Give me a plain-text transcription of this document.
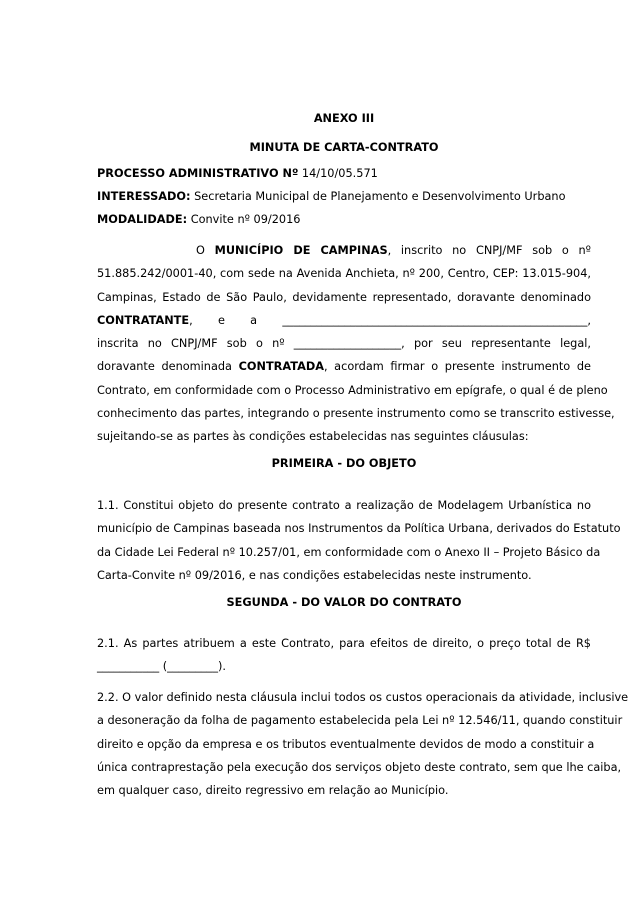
ANEXO III
MINUTA DE CARTA-CONTRATO
PROCESSO ADMINISTRATIVO Nº 14/10/05.571
INTERESSADO: Secretaria Municipal de Planejamento e Desenvolvimento Urbano
MODALIDADE: Convite nº 09/2016
O MUNICÍPIO DE CAMPINAS, inscrito no CNPJ/MF sob o nº
51.885.242/0001-40, com sede na Avenida Anchieta, nº 200, Centro, CEP: 13.015-904,
Campinas, Estado de São Paulo, devidamente representado, doravante denominado
CONTRATANTE, e a ______________________________________________________,
inscrita no CNPJ/MF sob o nº ___________________, por seu representante legal,
doravante denominada CONTRATADA, acordam firmar o presente instrumento de
Contrato, em conformidade com o Processo Administrativo em epígrafe, o qual é de pleno
conhecimento das partes, integrando o presente instrumento como se transcrito estivesse,
sujeitando-se as partes às condições estabelecidas nas seguintes cláusulas:
PRIMEIRA - DO OBJETO
1.1. Constitui objeto do presente contrato a realização de Modelagem Urbanística no
município de Campinas baseada nos Instrumentos da Política Urbana, derivados do Estatuto
da Cidade Lei Federal nº 10.257/01, em conformidade com o Anexo II – Projeto Básico da
Carta-Convite nº 09/2016, e nas condições estabelecidas neste instrumento.
SEGUNDA - DO VALOR DO CONTRATO
2.1. As partes atribuem a este Contrato, para efeitos de direito, o preço total de R$
___________ (_________).
2.2. O valor definido nesta cláusula inclui todos os custos operacionais da atividade, inclusive
a desoneração da folha de pagamento estabelecida pela Lei nº 12.546/11, quando constituir
direito e opção da empresa e os tributos eventualmente devidos de modo a constituir a
única contraprestação pela execução dos serviços objeto deste contrato, sem que lhe caiba,
em qualquer caso, direito regressivo em relação ao Município.
